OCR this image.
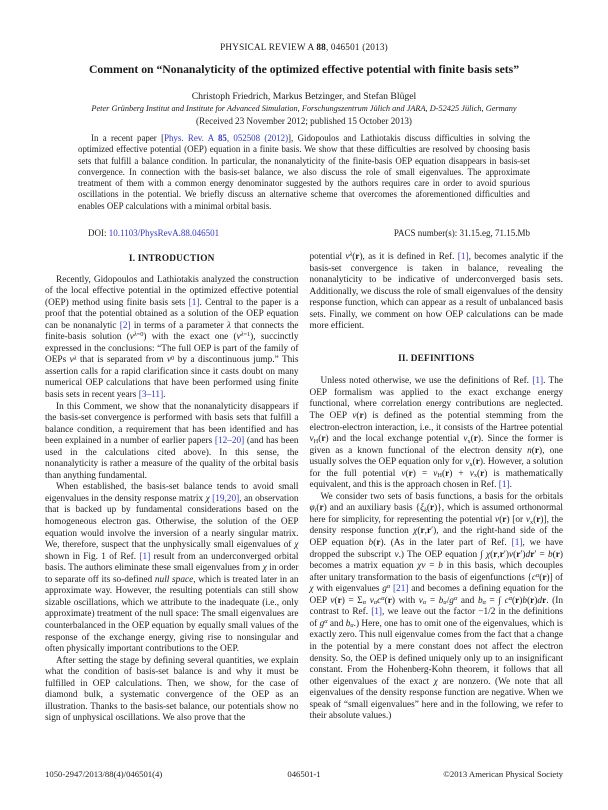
PHYSICAL REVIEW A 88, 046501 (2013)
Comment on “Nonanalyticity of the optimized effective potential with finite basis sets”
Christoph Friedrich, Markus Betzinger, and Stefan Blügel
Peter Grünberg Institut and Institute for Advanced Simulation, Forschungszentrum Jülich and JARA, D-52425 Jülich, Germany
(Received 23 November 2012; published 15 October 2013)
In a recent paper [Phys. Rev. A 85, 052508 (2012)], Gidopoulos and Lathiotakis discuss difficulties in solving the optimized effective potential (OEP) equation in a finite basis. We show that these difficulties are resolved by choosing basis sets that fulfill a balance condition. In particular, the nonanalyticity of the finite-basis OEP equation disappears in basis-set convergence. In connection with the basis-set balance, we also discuss the role of small eigenvalues. The approximate treatment of them with a common energy denominator suggested by the authors requires care in order to avoid spurious oscillations in the potential. We briefly discuss an alternative scheme that overcomes the aforementioned difficulties and enables OEP calculations with a minimal orbital basis.
DOI: 10.1103/PhysRevA.88.046501	PACS number(s): 31.15.eg, 71.15.Mb
I. INTRODUCTION

Recently, Gidopoulos and Lathiotakis analyzed the construction of the local effective potential in the optimized effective potential (OEP) method using finite basis sets [1]. Central to the paper is a proof that the potential obtained as a solution of the OEP equation can be nonanalytic [2] in terms of a parameter λ that connects the finite-basis solution $(v^{\lambda=0})$ with the exact one $(v^{\lambda=1})$, succinctly expressed in the conclusions: “The full OEP is part of the family of OEPs $v^\lambda$ that is separated from $v^0$ by a discontinuous jump.” This assertion calls for a rapid clarification since it casts doubt on many numerical OEP calculations that have been performed using finite basis sets in recent years [3–11].

In this Comment, we show that the nonanalyticity disappears if the basis-set convergence is performed with basis sets that fulfill a balance condition, a requirement that has been identified and has been explained in a number of earlier papers [12–20] (and has been used in the calculations cited above). In this sense, the nonanalyticity is rather a measure of the quality of the orbital basis than anything fundamental.

When established, the basis-set balance tends to avoid small eigenvalues in the density response matrix χ [19,20], an observation that is backed up by fundamental considerations based on the homogeneous electron gas. Otherwise, the solution of the OEP equation would involve the inversion of a nearly singular matrix. We, therefore, suspect that the unphysically small eigenvalues of χ shown in Fig. 1 of Ref. [1] result from an underconverged orbital basis. The authors eliminate these small eigenvalues from χ in order to separate off its so-defined null space, which is treated later in an approximate way. However, the resulting potentials can still show sizable oscillations, which we attribute to the inadequate (i.e., only approximate) treatment of the null space: The small eigenvalues are counterbalanced in the OEP equation by equally small values of the response of the exchange energy, giving rise to nonsingular and often physically important contributions to the OEP.

After setting the stage by defining several quantities, we explain what the condition of basis-set balance is and why it must be fulfilled in OEP calculations. Then, we show, for the case of diamond bulk, a systematic convergence of the OEP as an illustration. Thanks to the basis-set balance, our potentials show no sign of unphysical oscillations. We also prove that the

potential $v^\lambda(r)$, as it is defined in Ref. [1], becomes analytic if the basis-set convergence is taken in balance, revealing the nonanalyticity to be indicative of underconverged basis sets. Additionally, we discuss the role of small eigenvalues of the density response function, which can appear as a result of unbalanced basis sets. Finally, we comment on how OEP calculations can be made more efficient.

II. DEFINITIONS

Unless noted otherwise, we use the definitions of Ref. [1]. The OEP formalism was applied to the exact exchange energy functional, where correlation energy contributions are neglected. The OEP v(r) is defined as the potential stemming from the electron-electron interaction, i.e., it consists of the Hartree potential $v_H(r)$ and the local exchange potential $v_x(r)$. Since the former is given as a known functional of the electron density n(r), one usually solves the OEP equation only for $v_x(r)$. However, a solution for the full potential $v(r) = v_H(r) + v_x(r)$ is mathematically equivalent, and this is the approach chosen in Ref. [1].

We consider two sets of basis functions, a basis for the orbitals $\varphi_i(r)$ and an auxiliary basis $\{\xi_k(r)\}$, which is assumed orthonormal here for simplicity, for representing the potential v(r) [or $v_x(r)$], the density response function χ(r,r′), and the right-hand side of the OEP equation b(r). (As in the later part of Ref. [1], we have dropped the subscript v.) The OEP equation ∫ χ(r,r′)v(r′)dr′ = b(r) becomes a matrix equation χv = b in this basis, which decouples after unitary transformation to the basis of eigenfunctions $\{c^\alpha(r)]$ of χ with eigenvalues $g^\alpha$ [21] and becomes a defining equation for the OEP $v(r) = \Sigma_\alpha$ $v_\alpha c^\alpha(r)$ with $v_\alpha = b_\alpha/g^\alpha$ and $b_\alpha$ = ∫ $c^\alpha(r)b(r)dr$. (In contrast to Ref. [1], we leave out the factor −1/2 in the definitions of $g^\alpha$ and $b_\alpha$.) Here, one has to omit one of the eigenvalues, which is exactly zero. This null eigenvalue comes from the fact that a change in the potential by a mere constant does not affect the electron density. So, the OEP is defined uniquely only up to an insignificant constant. From the Hohenberg-Kohn theorem, it follows that all other eigenvalues of the exact χ are nonzero. (We note that all eigenvalues of the density response function are negative. When we speak of “small eigenvalues” here and in the following, we refer to their absolute values.)

1050-2947/2013/88(4)/046501(4)	046501-1	©2013 American Physical Society
